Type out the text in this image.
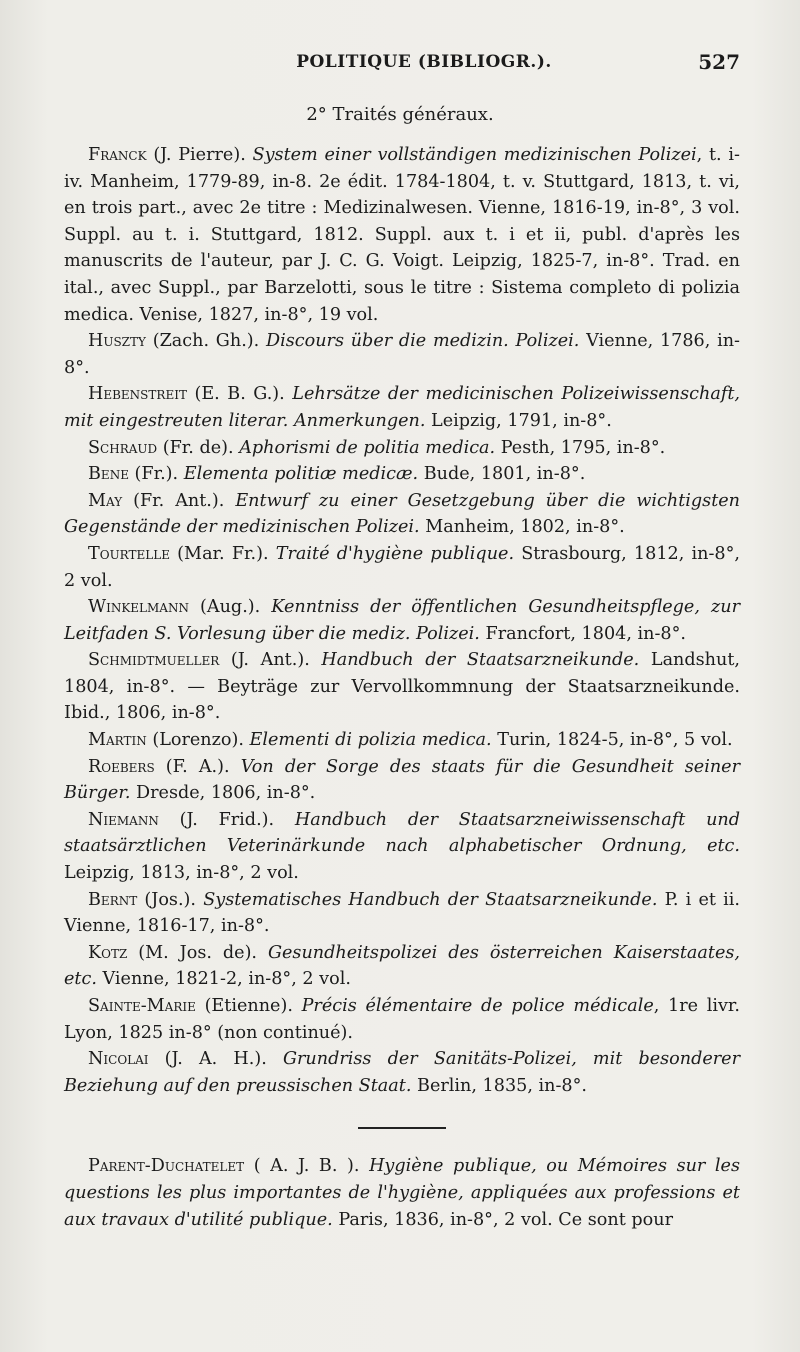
POLITIQUE (BIBLIOGR.).	527
2° Traités généraux.

Franck (J. Pierre). System einer vollständigen medizinischen Polizei, t. i-iv. Manheim, 1779-89, in-8. 2e édit. 1784-1804, t. v. Stuttgard, 1813, t. vi, en trois part., avec 2e titre : Medizinalwesen. Vienne, 1816-19, in-8°, 3 vol. Suppl. au t. i. Stuttgard, 1812. Suppl. aux t. i et ii, publ. d'après les manuscrits de l'auteur, par J. C. G. Voigt. Leipzig, 1825-7, in-8°. Trad. en ital., avec Suppl., par Barzelotti, sous le titre : Sistema completo di polizia medica. Venise, 1827, in-8°, 19 vol.

Huszty (Zach. Gh.). Discours über die medizin. Polizei. Vienne, 1786, in-8°.

Hebenstreit (E. B. G.). Lehrsätze der medicinischen Polizeiwissenschaft, mit eingestreuten literar. Anmerkungen. Leipzig, 1791, in-8°.

Schraud (Fr. de). Aphorismi de politia medica. Pesth, 1795, in-8°.

Bene (Fr.). Elementa politiæ medicæ. Bude, 1801, in-8°.

May (Fr. Ant.). Entwurf zu einer Gesetzgebung über die wichtigsten Gegenstände der medizinischen Polizei. Manheim, 1802, in-8°.

Tourtelle (Mar. Fr.). Traité d'hygiène publique. Strasbourg, 1812, in-8°, 2 vol.

Winkelmann (Aug.). Kenntniss der öffentlichen Gesundheitspflege, zur Leitfaden S. Vorlesung über die mediz. Polizei. Francfort, 1804, in-8°.

Schmidtmueller (J. Ant.). Handbuch der Staatsarzneikunde. Landshut, 1804, in-8°. — Beyträge zur Vervollkommnung der Staatsarzneikunde. Ibid., 1806, in-8°.

Martin (Lorenzo). Elementi di polizia medica. Turin, 1824-5, in-8°, 5 vol.

Roebers (F. A.). Von der Sorge des staats für die Gesundheit seiner Bürger. Dresde, 1806, in-8°.

Niemann (J. Frid.). Handbuch der Staatsarzneiwissenschaft und staatsärztlichen Veterinärkunde nach alphabetischer Ordnung, etc. Leipzig, 1813, in-8°, 2 vol.

Bernt (Jos.). Systematisches Handbuch der Staatsarzneikunde. P. i et ii. Vienne, 1816-17, in-8°.

Kotz (M. Jos. de). Gesundheitspolizei des österreichen Kaiserstaates, etc. Vienne, 1821-2, in-8°, 2 vol.

Sainte-Marie (Etienne). Précis élémentaire de police médicale, 1re livr. Lyon, 1825 in-8° (non continué).

Nicolai (J. A. H.). Grundriss der Sanitäts-Polizei, mit besonderer Beziehung auf den preussischen Staat. Berlin, 1835, in-8°.

Parent-Duchatelet ( A. J. B. ). Hygiène publique, ou Mémoires sur les questions les plus importantes de l'hygiène, appliquées aux professions et aux travaux d'utilité publique. Paris, 1836, in-8°, 2 vol. Ce sont pour
